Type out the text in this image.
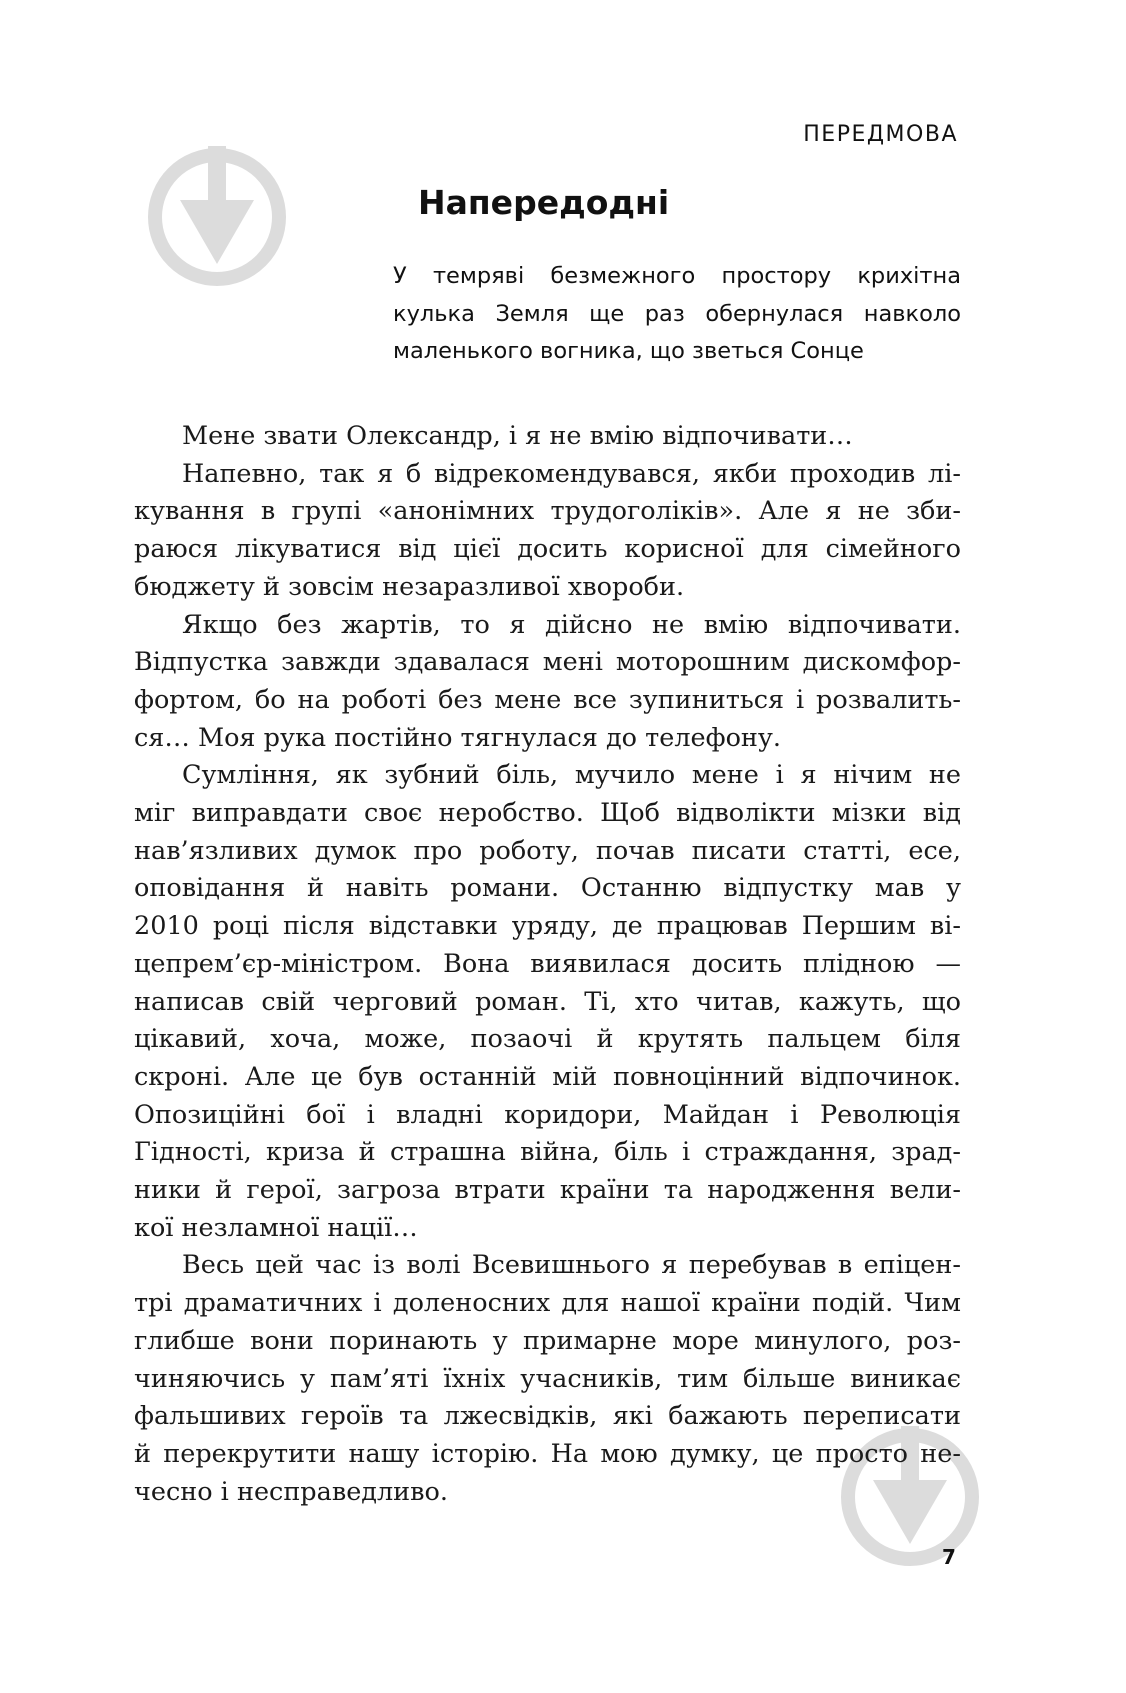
ПЕРЕДМОВА
Напередодні
У темряві безмежного простору крихітна
кулька Земля ще раз обернулася навколо
маленького вогника, що зветься Сонце
Мене звати Олександр, і я не вмію відпочивати…
Напевно, так я б відрекомендувався, якби проходив лі-
кування в групі «анонімних трудоголіків». Але я не зби-
раюся лікуватися від цієї досить корисної для сімейного
бюджету й зовсім незаразливої хвороби.
Якщо без жартів, то я дійсно не вмію відпочивати.
Відпустка завжди здавалася мені моторошним дискомфор-
фортом, бо на роботі без мене все зупиниться і розвалить-
ся… Моя рука постійно тягнулася до телефону.
Сумління, як зубний біль, мучило мене і я нічим не
міг виправдати своє неробство. Щоб відволікти мізки від
нав’язливих думок про роботу, почав писати статті, есе,
оповідання й навіть романи. Останню відпустку мав у
2010 році після відставки уряду, де працював Першим ві-
цепрем’єр-міністром. Вона виявилася досить плідною —
написав свій черговий роман. Ті, хто читав, кажуть, що
цікавий, хоча, може, позаочі й крутять пальцем біля
скроні. Але це був останній мій повноцінний відпочинок.
Опозиційні бої і владні коридори, Майдан і Революція
Гідності, криза й страшна війна, біль і страждання, зрад-
ники й герої, загроза втрати країни та народження вели-
кої незламної нації…
Весь цей час із волі Всевишнього я перебував в епіцен-
трі драматичних і доленосних для нашої країни подій. Чим
глибше вони поринають у примарне море минулого, роз-
чиняючись у пам’яті їхніх учасників, тим більше виникає
фальшивих героїв та лжесвідків, які бажають переписати
й перекрутити нашу історію. На мою думку, це просто не-
чесно і несправедливо.
7
